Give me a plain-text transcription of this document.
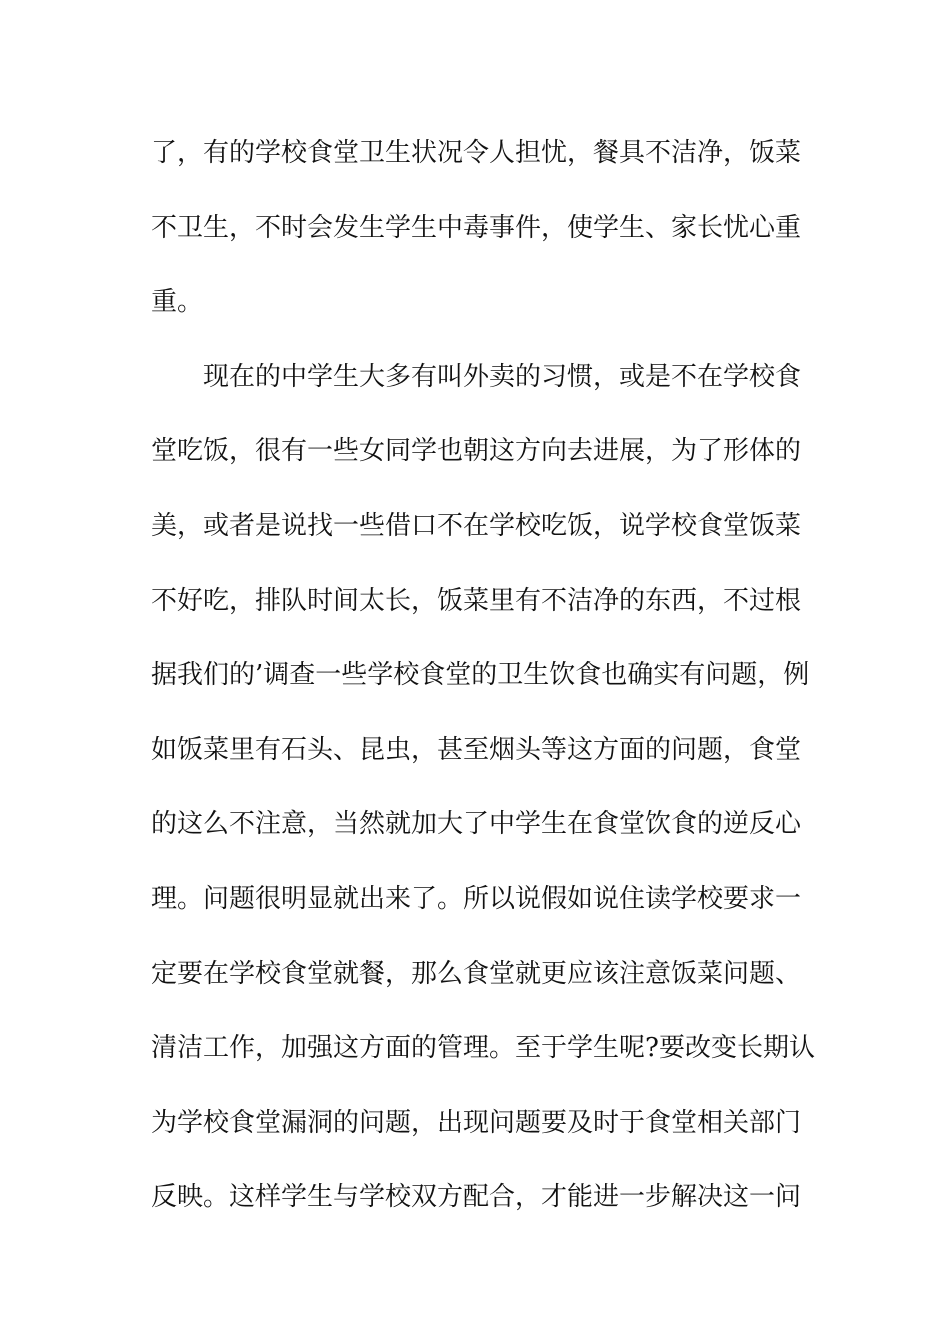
了，有的学校食堂卫生状况令人担忧，餐具不洁净，饭菜
不卫生，不时会发生学生中毒事件，使学生、家长忧心重
重。
现在的中学生大多有叫外卖的习惯，或是不在学校食
堂吃饭，很有一些女同学也朝这方向去进展，为了形体的
美，或者是说找一些借口不在学校吃饭，说学校食堂饭菜
不好吃，排队时间太长，饭菜里有不洁净的东西，不过根
据我们的’调查一些学校食堂的卫生饮食也确实有问题，例
如饭菜里有石头、昆虫，甚至烟头等这方面的问题，食堂
的这么不注意，当然就加大了中学生在食堂饮食的逆反心
理。问题很明显就出来了。所以说假如说住读学校要求一
定要在学校食堂就餐，那么食堂就更应该注意饭菜问题、
清洁工作，加强这方面的管理。至于学生呢?要改变长期认
为学校食堂漏洞的问题，出现问题要及时于食堂相关部门
反映。这样学生与学校双方配合，才能进一步解决这一问
